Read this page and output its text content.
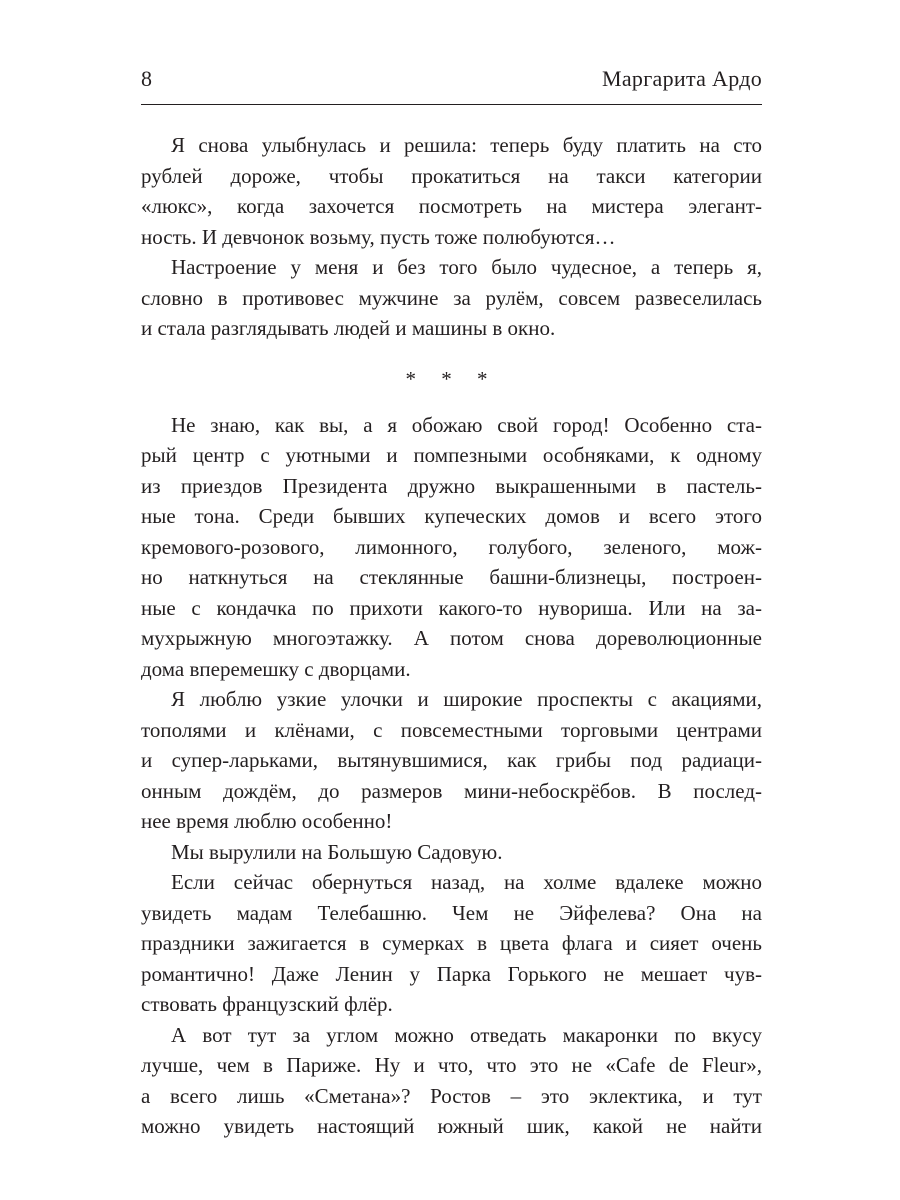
8	Маргарита Ардо
Я снова улыбнулась и решила: теперь буду платить на сто
рублей дороже, чтобы прокатиться на такси категории
«люкс», когда захочется посмотреть на мистера элегант-
ность. И девчонок возьму, пусть тоже полюбуются…
Настроение у меня и без того было чудесное, а теперь я,
словно в противовес мужчине за рулём, совсем развеселилась
и стала разглядывать людей и машины в окно.
* * *
Не знаю, как вы, а я обожаю свой город! Особенно ста-
рый центр с уютными и помпезными особняками, к одному
из приездов Президента дружно выкрашенными в пастель-
ные тона. Среди бывших купеческих домов и всего этого
кремового-розового, лимонного, голубого, зеленого, мож-
но наткнуться на стеклянные башни-близнецы, построен-
ные с кондачка по прихоти какого-то нувориша. Или на за-
мухрыжную многоэтажку. А потом снова дореволюционные
дома вперемешку с дворцами.
Я люблю узкие улочки и широкие проспекты с акациями,
тополями и клёнами, с повсеместными торговыми центрами
и супер-ларьками, вытянувшимися, как грибы под радиаци-
онным дождём, до размеров мини-небоскрёбов. В послед-
нее время люблю особенно!
Мы вырулили на Большую Садовую.
Если сейчас обернуться назад, на холме вдалеке можно
увидеть мадам Телебашню. Чем не Эйфелева? Она на
праздники зажигается в сумерках в цвета флага и сияет очень
романтично! Даже Ленин у Парка Горького не мешает чув-
ствовать французский флёр.
А вот тут за углом можно отведать макаронки по вкусу
лучше, чем в Париже. Ну и что, что это не «Cafe de Fleur»,
а всего лишь «Сметана»? Ростов – это эклектика, и тут
можно увидеть настоящий южный шик, какой не найти
